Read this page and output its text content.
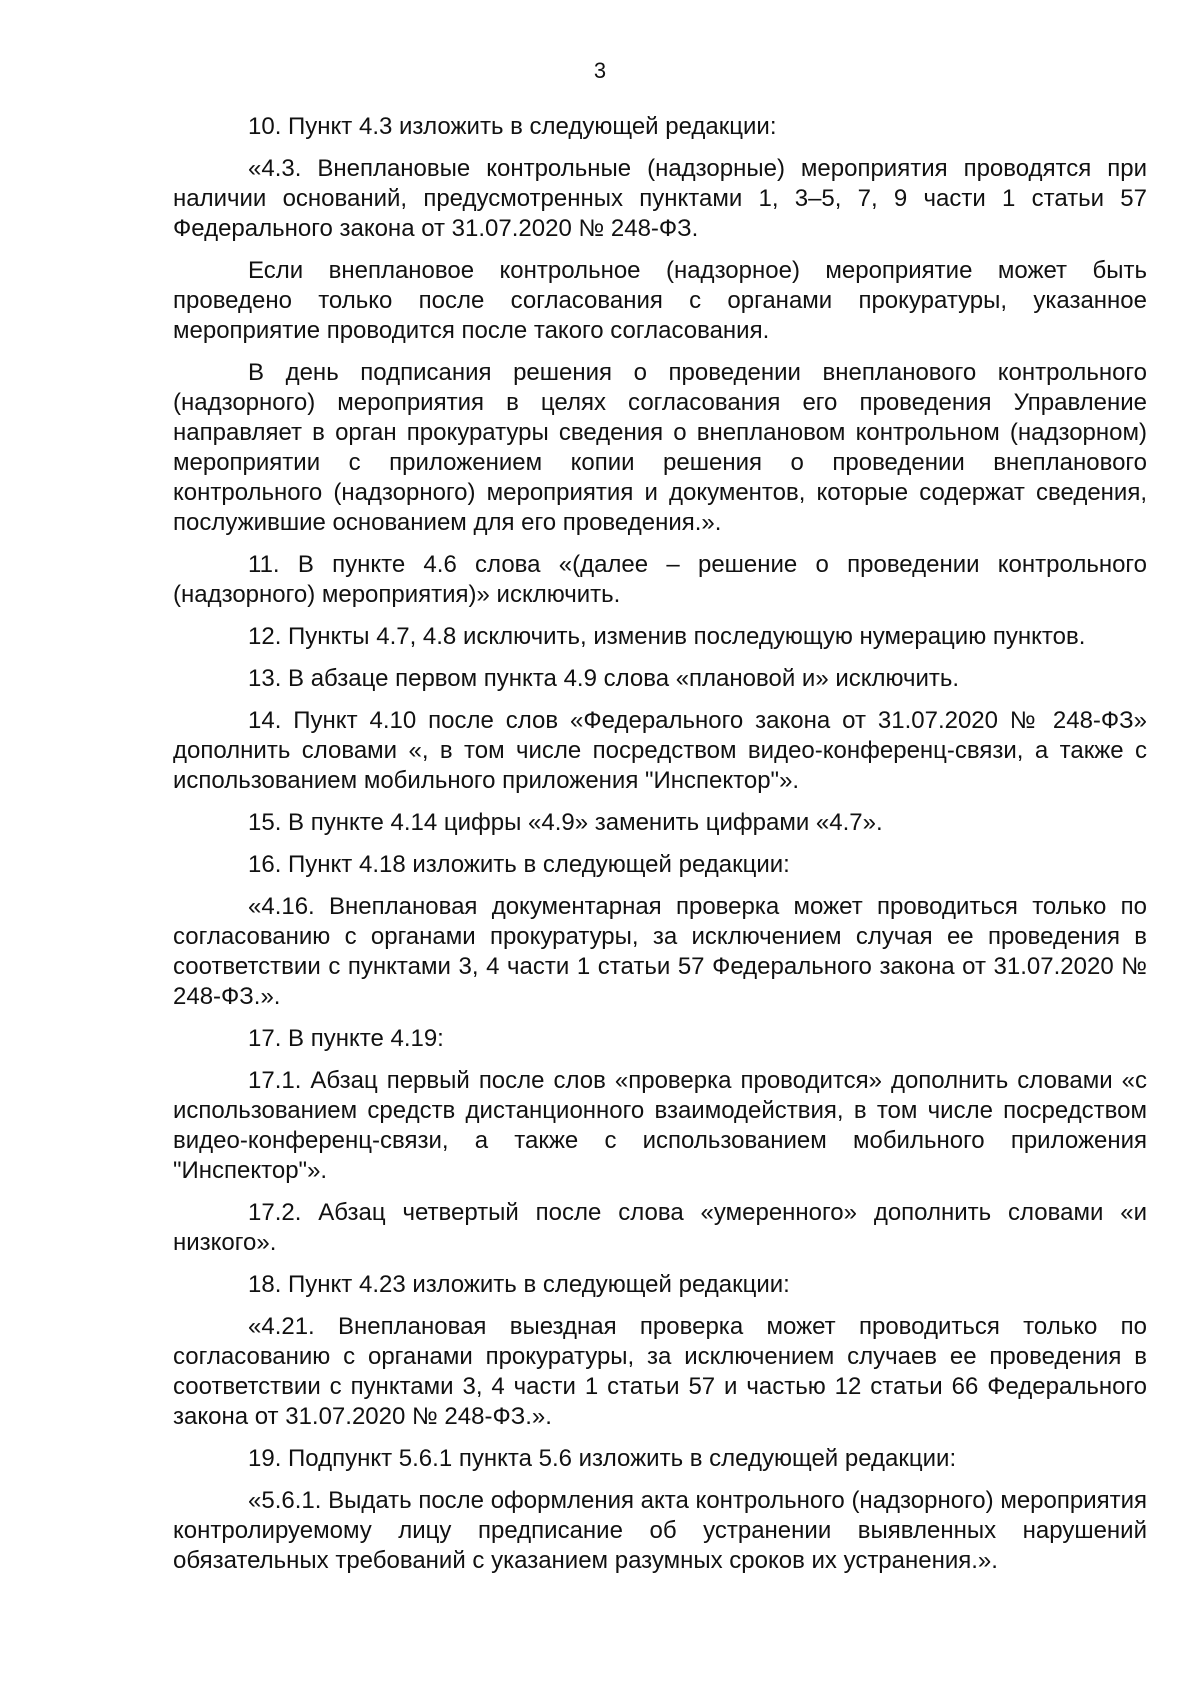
3

10. Пункт 4.3 изложить в следующей редакции:

«4.3. Внеплановые контрольные (надзорные) мероприятия проводятся при наличии оснований, предусмотренных пунктами 1, 3–5, 7, 9 части 1 статьи 57 Федерального закона от 31.07.2020 № 248-ФЗ.

Если внеплановое контрольное (надзорное) мероприятие может быть проведено только после согласования с органами прокуратуры, указанное мероприятие проводится после такого согласования.

В день подписания решения о проведении внепланового контрольного (надзорного) мероприятия в целях согласования его проведения Управление направляет в орган прокуратуры сведения о внеплановом контрольном (надзорном) мероприятии с приложением копии решения о проведении внепланового контрольного (надзорного) мероприятия и документов, которые содержат сведения, послужившие основанием для его проведения.».

11. В пункте 4.6 слова «(далее – решение о проведении контрольного (надзорного) мероприятия)» исключить.

12. Пункты 4.7, 4.8 исключить, изменив последующую нумерацию пунктов.

13. В абзаце первом пункта 4.9 слова «плановой и» исключить.

14. Пункт 4.10 после слов «Федерального закона от 31.07.2020 № 248-ФЗ» дополнить словами «, в том числе посредством видео-конференц-связи, а также с использованием мобильного приложения "Инспектор"».

15. В пункте 4.14 цифры «4.9» заменить цифрами «4.7».

16. Пункт 4.18 изложить в следующей редакции:

«4.16. Внеплановая документарная проверка может проводиться только по согласованию с органами прокуратуры, за исключением случая ее проведения в соответствии с пунктами 3, 4 части 1 статьи 57 Федерального закона от 31.07.2020 № 248-ФЗ.».

17. В пункте 4.19:

17.1. Абзац первый после слов «проверка проводится» дополнить словами «с использованием средств дистанционного взаимодействия, в том числе посредством видео-конференц-связи, а также с использованием мобильного приложения "Инспектор"».

17.2. Абзац четвертый после слова «умеренного» дополнить словами «и низкого».

18. Пункт 4.23 изложить в следующей редакции:

«4.21. Внеплановая выездная проверка может проводиться только по согласованию с органами прокуратуры, за исключением случаев ее проведения в соответствии с пунктами 3, 4 части 1 статьи 57 и частью 12 статьи 66 Федерального закона от 31.07.2020 № 248-ФЗ.».

19. Подпункт 5.6.1 пункта 5.6 изложить в следующей редакции:

«5.6.1. Выдать после оформления акта контрольного (надзорного) мероприятия контролируемому лицу предписание об устранении выявленных нарушений обязательных требований с указанием разумных сроков их устранения.».
